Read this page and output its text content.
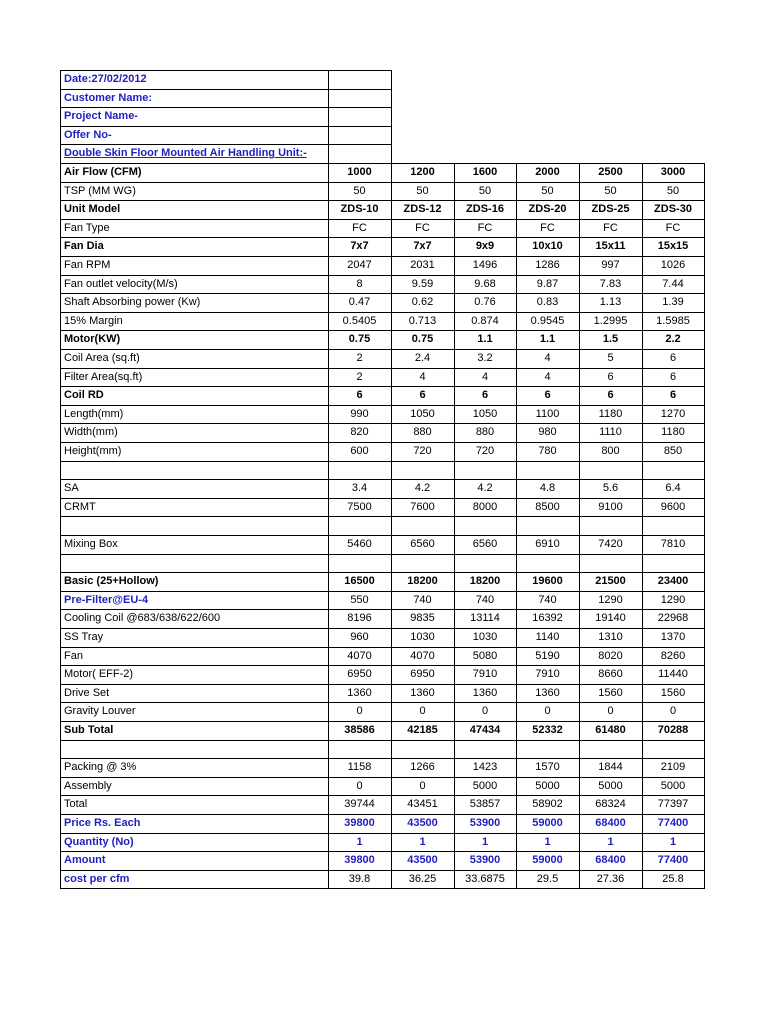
Date:27/02/2012
Customer Name:
Project Name-
Offer No-
Double Skin Floor Mounted Air Handling Unit:-
Air Flow (CFM)	1000	1200	1600	2000	2500	3000
TSP (MM WG)	50	50	50	50	50	50
Unit Model	ZDS-10	ZDS-12	ZDS-16	ZDS-20	ZDS-25	ZDS-30
Fan Type	FC	FC	FC	FC	FC	FC
Fan Dia	7x7	7x7	9x9	10x10	15x11	15x15
Fan RPM	2047	2031	1496	1286	997	1026
Fan outlet velocity(M/s)	8	9.59	9.68	9.87	7.83	7.44
Shaft Absorbing power (Kw)	0.47	0.62	0.76	0.83	1.13	1.39
15% Margin	0.5405	0.713	0.874	0.9545	1.2995	1.5985
Motor(KW)	0.75	0.75	1.1	1.1	1.5	2.2
Coil Area (sq.ft)	2	2.4	3.2	4	5	6
Filter Area(sq.ft)	2	4	4	4	6	6
Coil RD	6	6	6	6	6	6
Length(mm)	990	1050	1050	1100	1180	1270
Width(mm)	820	880	880	980	1110	1180
Height(mm)	600	720	720	780	800	850
SA	3.4	4.2	4.2	4.8	5.6	6.4
CRMT	7500	7600	8000	8500	9100	9600
Mixing Box	5460	6560	6560	6910	7420	7810
Basic (25+Hollow)	16500	18200	18200	19600	21500	23400
Pre-Filter@EU-4	550	740	740	740	1290	1290
Cooling Coil @683/638/622/600	8196	9835	13114	16392	19140	22968
SS Tray	960	1030	1030	1140	1310	1370
Fan	4070	4070	5080	5190	8020	8260
Motor( EFF-2)	6950	6950	7910	7910	8660	11440
Drive Set	1360	1360	1360	1360	1560	1560
Gravity Louver	0	0	0	0	0	0
Sub Total	38586	42185	47434	52332	61480	70288
Packing @ 3%	1158	1266	1423	1570	1844	2109
Assembly	0	0	5000	5000	5000	5000
Total	39744	43451	53857	58902	68324	77397
Price Rs. Each	39800	43500	53900	59000	68400	77400
Quantity (No)	1	1	1	1	1	1
Amount	39800	43500	53900	59000	68400	77400
cost per cfm	39.8	36.25	33.6875	29.5	27.36	25.8
